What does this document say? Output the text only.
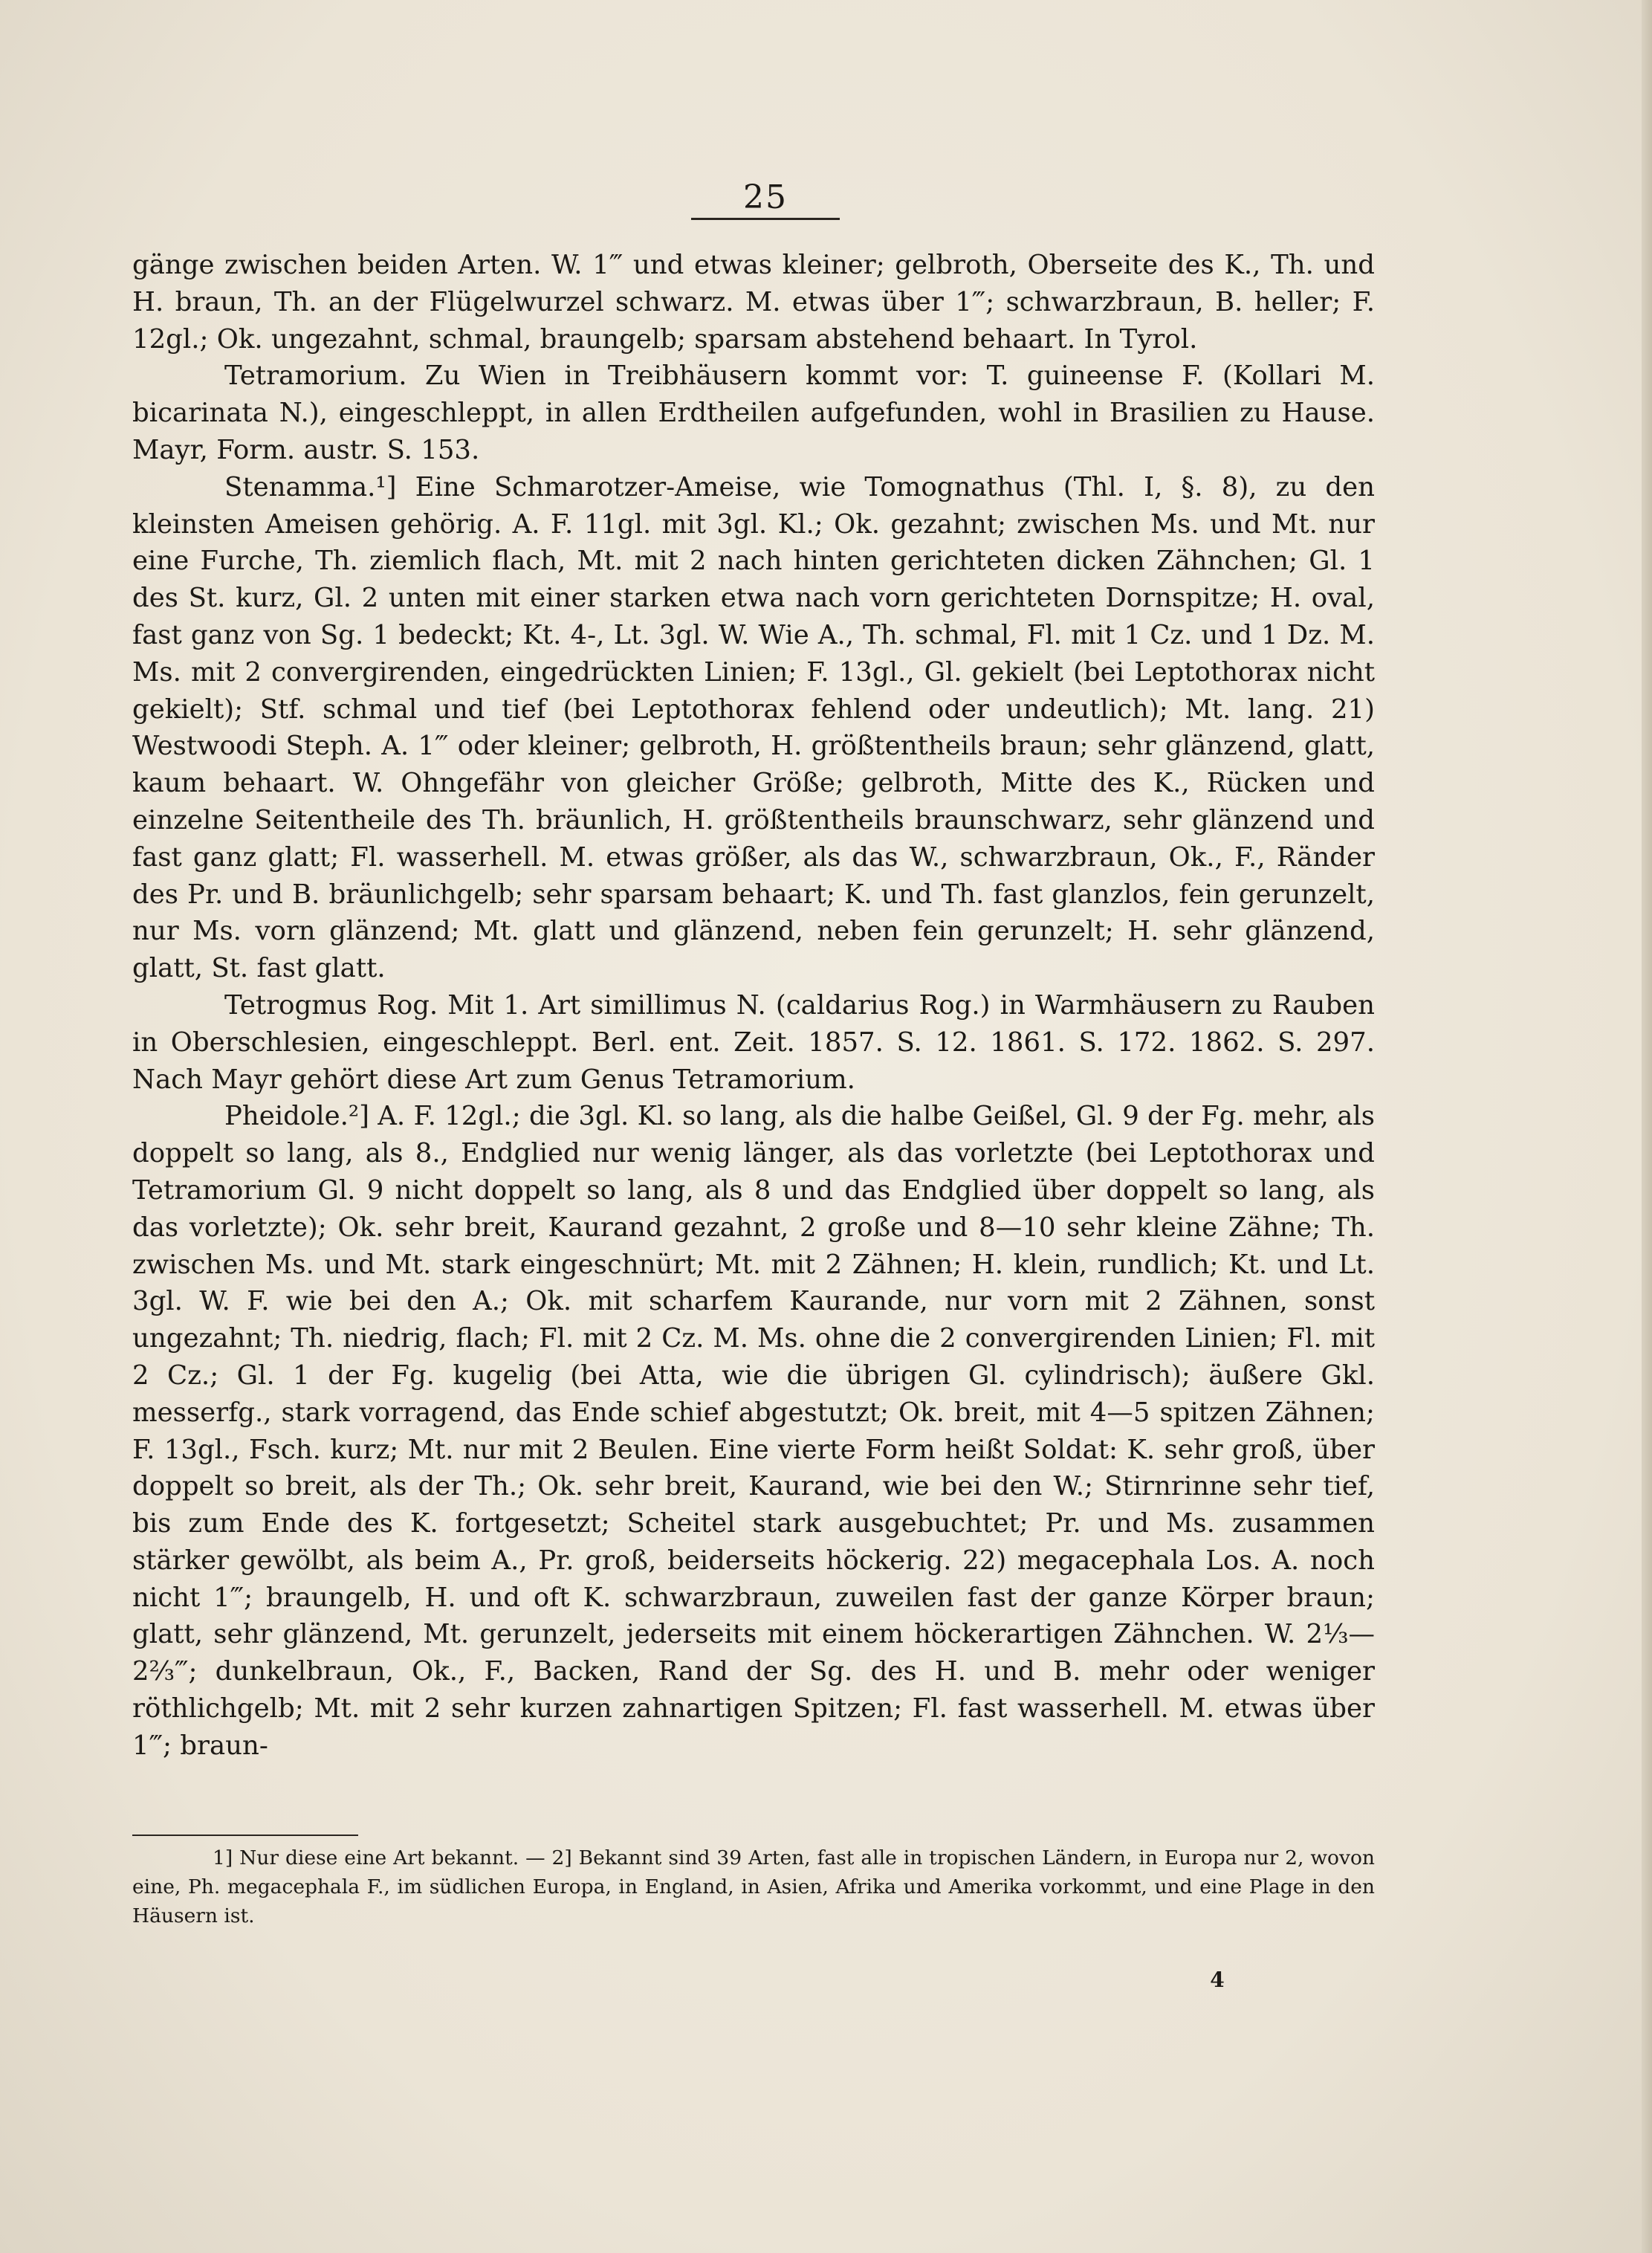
25

gänge zwischen beiden Arten. W. 1‴ und etwas kleiner; gelbroth, Oberseite des K., Th. und H. braun, Th. an der Flügelwurzel schwarz. M. etwas über 1‴; schwarzbraun, B. heller; F. 12gl.; Ok. ungezahnt, schmal, braungelb; sparsam abstehend behaart. In Tyrol.

Tetramorium. Zu Wien in Treibhäusern kommt vor: T. guineense F. (Kollari M. bicarinata N.), eingeschleppt, in allen Erdtheilen aufgefunden, wohl in Brasilien zu Hause. Mayr, Form. austr. S. 153.

Stenamma.¹] Eine Schmarotzer-Ameise, wie Tomognathus (Thl. I, §. 8), zu den kleinsten Ameisen gehörig. A. F. 11gl. mit 3gl. Kl.; Ok. gezahnt; zwischen Ms. und Mt. nur eine Furche, Th. ziemlich flach, Mt. mit 2 nach hinten gerichteten dicken Zähnchen; Gl. 1 des St. kurz, Gl. 2 unten mit einer starken etwa nach vorn gerichteten Dornspitze; H. oval, fast ganz von Sg. 1 bedeckt; Kt. 4-, Lt. 3gl. W. Wie A., Th. schmal, Fl. mit 1 Cz. und 1 Dz. M. Ms. mit 2 convergirenden, eingedrückten Linien; F. 13gl., Gl. gekielt (bei Leptothorax nicht gekielt); Stf. schmal und tief (bei Leptothorax fehlend oder undeutlich); Mt. lang. 21) Westwoodi Steph. A. 1‴ oder kleiner; gelbroth, H. größtentheils braun; sehr glänzend, glatt, kaum behaart. W. Ohngefähr von gleicher Größe; gelbroth, Mitte des K., Rücken und einzelne Seitentheile des Th. bräunlich, H. größtentheils braunschwarz, sehr glänzend und fast ganz glatt; Fl. wasserhell. M. etwas größer, als das W., schwarzbraun, Ok., F., Ränder des Pr. und B. bräunlichgelb; sehr sparsam behaart; K. und Th. fast glanzlos, fein gerunzelt, nur Ms. vorn glänzend; Mt. glatt und glänzend, neben fein gerunzelt; H. sehr glänzend, glatt, St. fast glatt.

Tetrogmus Rog. Mit 1. Art simillimus N. (caldarius Rog.) in Warmhäusern zu Rauben in Oberschlesien, eingeschleppt. Berl. ent. Zeit. 1857. S. 12. 1861. S. 172. 1862. S. 297. Nach Mayr gehört diese Art zum Genus Tetramorium.

Pheidole.²] A. F. 12gl.; die 3gl. Kl. so lang, als die halbe Geißel, Gl. 9 der Fg. mehr, als doppelt so lang, als 8., Endglied nur wenig länger, als das vorletzte (bei Leptothorax und Tetramorium Gl. 9 nicht doppelt so lang, als 8 und das Endglied über doppelt so lang, als das vorletzte); Ok. sehr breit, Kaurand gezahnt, 2 große und 8—10 sehr kleine Zähne; Th. zwischen Ms. und Mt. stark eingeschnürt; Mt. mit 2 Zähnen; H. klein, rundlich; Kt. und Lt. 3gl. W. F. wie bei den A.; Ok. mit scharfem Kaurande, nur vorn mit 2 Zähnen, sonst ungezahnt; Th. niedrig, flach; Fl. mit 2 Cz. M. Ms. ohne die 2 convergirenden Linien; Fl. mit 2 Cz.; Gl. 1 der Fg. kugelig (bei Atta, wie die übrigen Gl. cylindrisch); äußere Gkl. messerfg., stark vorragend, das Ende schief abgestutzt; Ok. breit, mit 4—5 spitzen Zähnen; F. 13gl., Fsch. kurz; Mt. nur mit 2 Beulen. Eine vierte Form heißt Soldat: K. sehr groß, über doppelt so breit, als der Th.; Ok. sehr breit, Kaurand, wie bei den W.; Stirnrinne sehr tief, bis zum Ende des K. fortgesetzt; Scheitel stark ausgebuchtet; Pr. und Ms. zusammen stärker gewölbt, als beim A., Pr. groß, beiderseits höckerig. 22) megacephala Los. A. noch nicht 1‴; braungelb, H. und oft K. schwarzbraun, zuweilen fast der ganze Körper braun; glatt, sehr glänzend, Mt. gerunzelt, jederseits mit einem höckerartigen Zähnchen. W. 2⅓—2⅔‴; dunkelbraun, Ok., F., Backen, Rand der Sg. des H. und B. mehr oder weniger röthlichgelb; Mt. mit 2 sehr kurzen zahnartigen Spitzen; Fl. fast wasserhell. M. etwas über 1‴; braun-

1] Nur diese eine Art bekannt. — 2] Bekannt sind 39 Arten, fast alle in tropischen Ländern, in Europa nur 2, wovon eine, Ph. megacephala F., im südlichen Europa, in England, in Asien, Afrika und Amerika vorkommt, und eine Plage in den Häusern ist.

4
